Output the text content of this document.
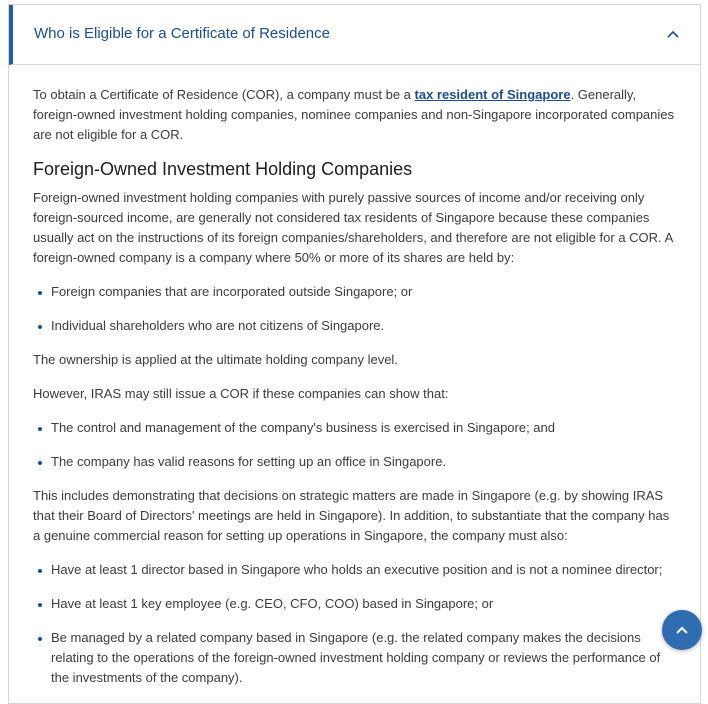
Who is Eligible for a Certificate of Residence

To obtain a Certificate of Residence (COR), a company must be a tax resident of Singapore. Generally, foreign-owned investment holding companies, nominee companies and non-Singapore incorporated companies are not eligible for a COR.

Foreign-Owned Investment Holding Companies

Foreign-owned investment holding companies with purely passive sources of income and/or receiving only foreign-sourced income, are generally not considered tax residents of Singapore because these companies usually act on the instructions of its foreign companies/shareholders, and therefore are not eligible for a COR. A foreign-owned company is a company where 50% or more of its shares are held by:

Foreign companies that are incorporated outside Singapore; or
Individual shareholders who are not citizens of Singapore.

The ownership is applied at the ultimate holding company level.

However, IRAS may still issue a COR if these companies can show that:

The control and management of the company's business is exercised in Singapore; and
The company has valid reasons for setting up an office in Singapore.

This includes demonstrating that decisions on strategic matters are made in Singapore (e.g. by showing IRAS that their Board of Directors' meetings are held in Singapore). In addition, to substantiate that the company has a genuine commercial reason for setting up operations in Singapore, the company must also:

Have at least 1 director based in Singapore who holds an executive position and is not a nominee director;
Have at least 1 key employee (e.g. CEO, CFO, COO) based in Singapore; or
Be managed by a related company based in Singapore (e.g. the related company makes the decisions relating to the operations of the foreign-owned investment holding company or reviews the performance of the investments of the company).
